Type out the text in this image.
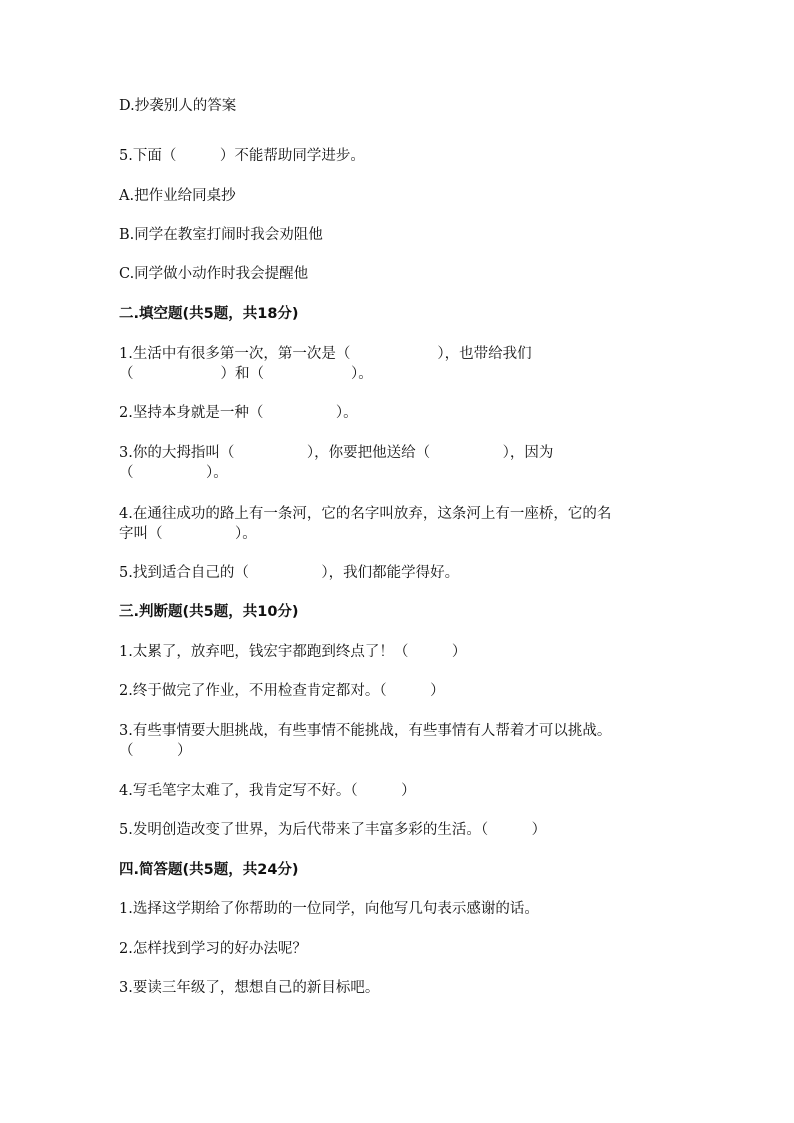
D.抄袭别人的答案
5.下面（　　　）不能帮助同学进步。
A.把作业给同桌抄
B.同学在教室打闹时我会劝阻他
C.同学做小动作时我会提醒他
二.填空题(共5题，共18分)
1.生活中有很多第一次，第一次是（　　　　　　），也带给我们
（　　　　　　）和（　　　　　　）。
2.坚持本身就是一种（　　　　　）。
3.你的大拇指叫（　　　　　），你要把他送给（　　　　　），因为
（　　　　　）。
4.在通往成功的路上有一条河，它的名字叫放弃，这条河上有一座桥，它的名
字叫（　　　　　）。
5.找到适合自己的（　　　　　），我们都能学得好。
三.判断题(共5题，共10分)
1.太累了，放弃吧，钱宏宇都跑到终点了！（　　　）
2.终于做完了作业，不用检查肯定都对。（　　　）
3.有些事情要大胆挑战，有些事情不能挑战，有些事情有人帮着才可以挑战。
（　　　）
4.写毛笔字太难了，我肯定写不好。（　　　）
5.发明创造改变了世界，为后代带来了丰富多彩的生活。（　　　）
四.简答题(共5题，共24分)
1.选择这学期给了你帮助的一位同学，向他写几句表示感谢的话。
2.怎样找到学习的好办法呢？
3.要读三年级了，想想自己的新目标吧。
